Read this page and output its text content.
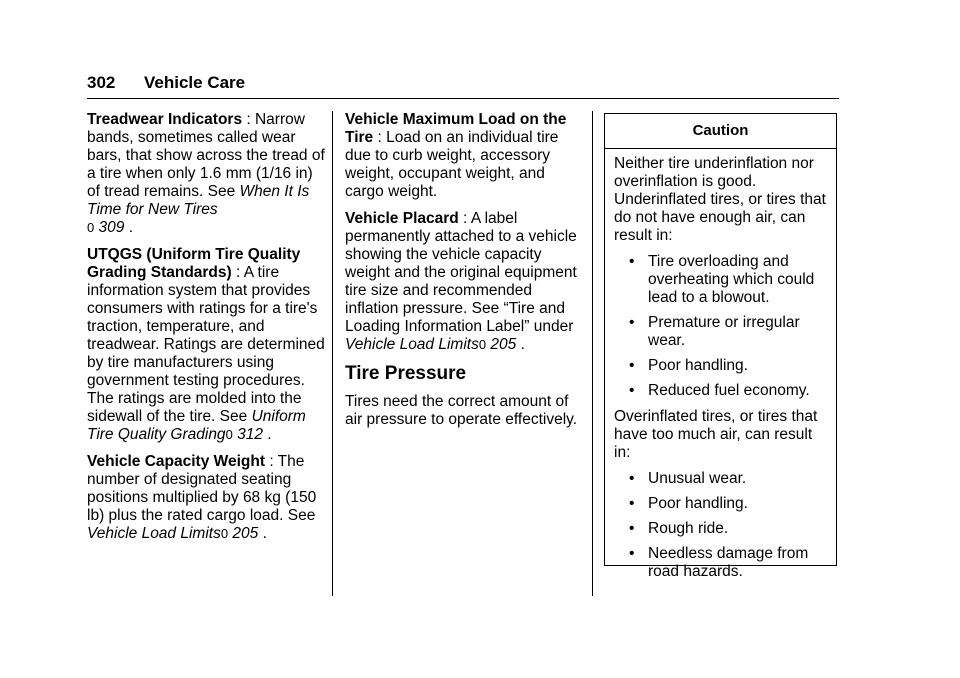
302 Vehicle Care

Treadwear Indicators : Narrow bands, sometimes called wear bars, that show across the tread of a tire when only 1.6 mm (1/16 in) of tread remains. See When It Is Time for New Tires
0 309 .

UTQGS (Uniform Tire Quality Grading Standards) : A tire information system that provides consumers with ratings for a tire's traction, temperature, and treadwear. Ratings are determined by tire manufacturers using government testing procedures. The ratings are molded into the sidewall of the tire. See Uniform Tire Quality Grading0 312 .

Vehicle Capacity Weight : The number of designated seating positions multiplied by 68 kg (150 lb) plus the rated cargo load. See Vehicle Load Limits0 205 .

Vehicle Maximum Load on the Tire : Load on an individual tire due to curb weight, accessory weight, occupant weight, and cargo weight.

Vehicle Placard : A label permanently attached to a vehicle showing the vehicle capacity weight and the original equipment tire size and recommended inflation pressure. See “Tire and Loading Information Label” under Vehicle Load Limits0 205 .

Tire Pressure

Tires need the correct amount of air pressure to operate effectively.

Caution

Neither tire underinflation nor overinflation is good. Underinflated tires, or tires that do not have enough air, can result in:

• Tire overloading and overheating which could lead to a blowout.
• Premature or irregular wear.
• Poor handling.
• Reduced fuel economy.

Overinflated tires, or tires that have too much air, can result in:

• Unusual wear.
• Poor handling.
• Rough ride.
• Needless damage from road hazards.
